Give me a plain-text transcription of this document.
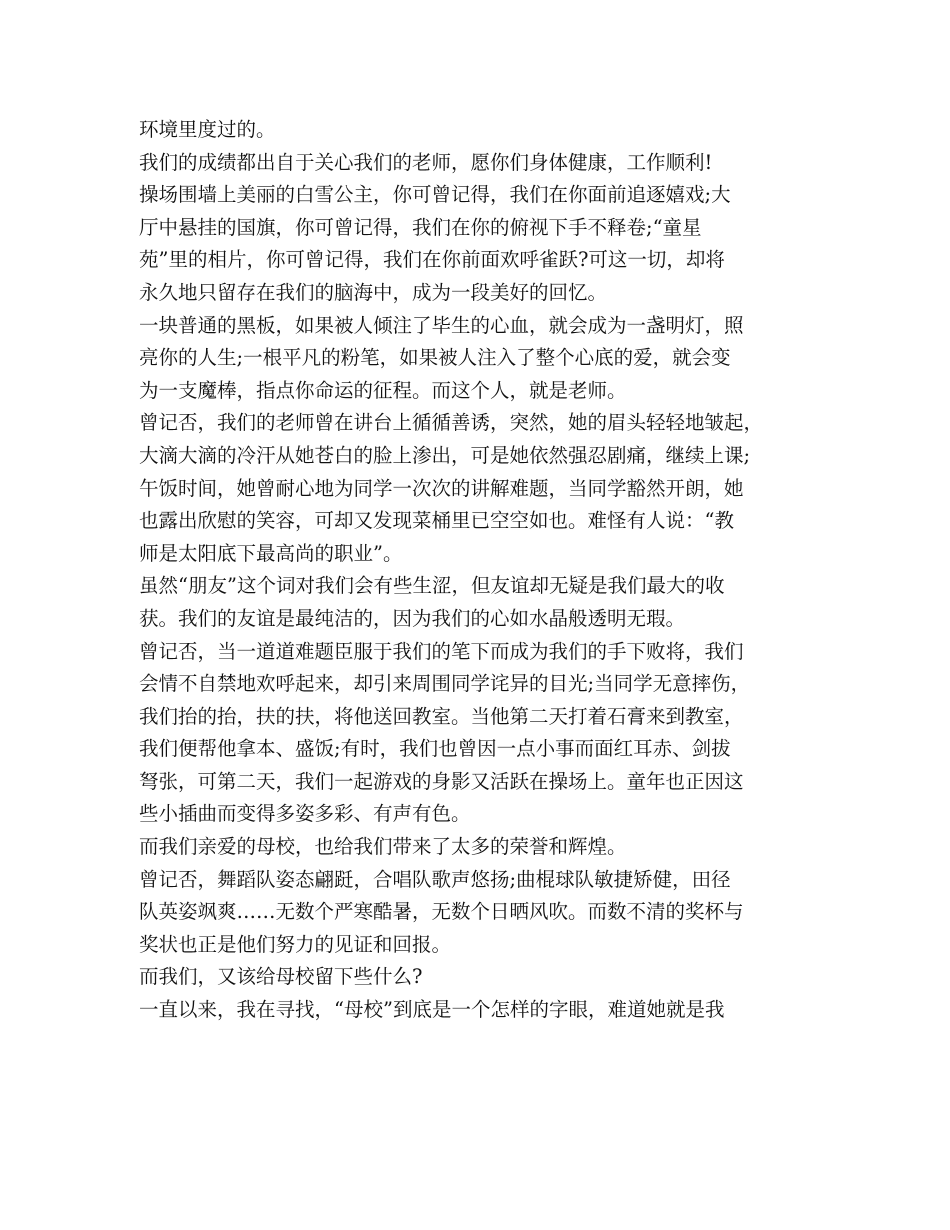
环境里度过的。
我们的成绩都出自于关心我们的老师，愿你们身体健康，工作顺利!
操场围墙上美丽的白雪公主，你可曾记得，我们在你面前追逐嬉戏;大
厅中悬挂的国旗，你可曾记得，我们在你的俯视下手不释卷;“童星
苑”里的相片，你可曾记得，我们在你前面欢呼雀跃?可这一切，却将
永久地只留存在我们的脑海中，成为一段美好的回忆。
一块普通的黑板，如果被人倾注了毕生的心血，就会成为一盏明灯，照
亮你的人生;一根平凡的粉笔，如果被人注入了整个心底的爱，就会变
为一支魔棒，指点你命运的征程。而这个人，就是老师。
曾记否，我们的老师曾在讲台上循循善诱，突然，她的眉头轻轻地皱起，
大滴大滴的冷汗从她苍白的脸上渗出，可是她依然强忍剧痛，继续上课;
午饭时间，她曾耐心地为同学一次次的讲解难题，当同学豁然开朗，她
也露出欣慰的笑容，可却又发现菜桶里已空空如也。难怪有人说：“教
师是太阳底下最高尚的职业”。
虽然“朋友”这个词对我们会有些生涩，但友谊却无疑是我们最大的收
获。我们的友谊是最纯洁的，因为我们的心如水晶般透明无瑕。
曾记否，当一道道难题臣服于我们的笔下而成为我们的手下败将，我们
会情不自禁地欢呼起来，却引来周围同学诧异的目光;当同学无意摔伤，
我们抬的抬，扶的扶，将他送回教室。当他第二天打着石膏来到教室，
我们便帮他拿本、盛饭;有时，我们也曾因一点小事而面红耳赤、剑拔
弩张，可第二天，我们一起游戏的身影又活跃在操场上。童年也正因这
些小插曲而变得多姿多彩、有声有色。
而我们亲爱的母校，也给我们带来了太多的荣誉和辉煌。
曾记否，舞蹈队姿态翩跹，合唱队歌声悠扬;曲棍球队敏捷矫健，田径
队英姿飒爽……无数个严寒酷暑，无数个日晒风吹。而数不清的奖杯与
奖状也正是他们努力的见证和回报。
而我们，又该给母校留下些什么?
一直以来，我在寻找，“母校”到底是一个怎样的字眼，难道她就是我
